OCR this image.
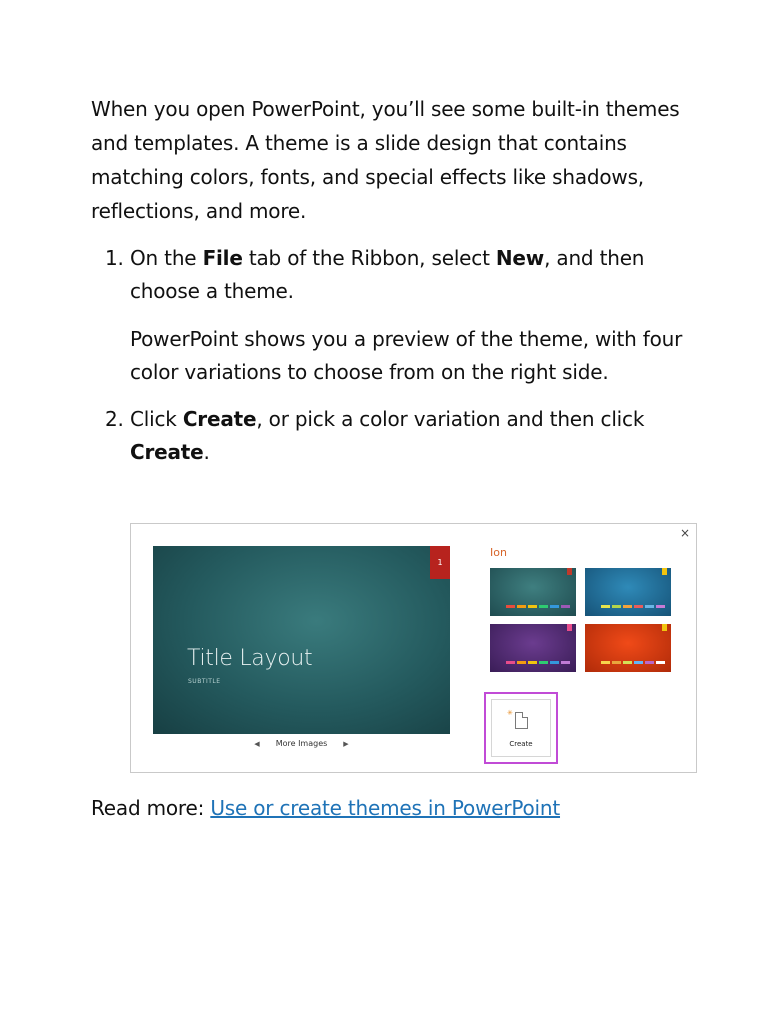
When you open PowerPoint, you’ll see some built-in themes and templates. A theme is a slide design that contains matching colors, fonts, and special effects like shadows, reflections, and more.

1. On the File tab of the Ribbon, select New, and then choose a theme.

PowerPoint shows you a preview of the theme, with four color variations to choose from on the right side.

2. Click Create, or pick a color variation and then click Create.

×
1
Title Layout
SUBTITLE
◀ More Images ▶
Ion
✳
Create

Read more: Use or create themes in PowerPoint
